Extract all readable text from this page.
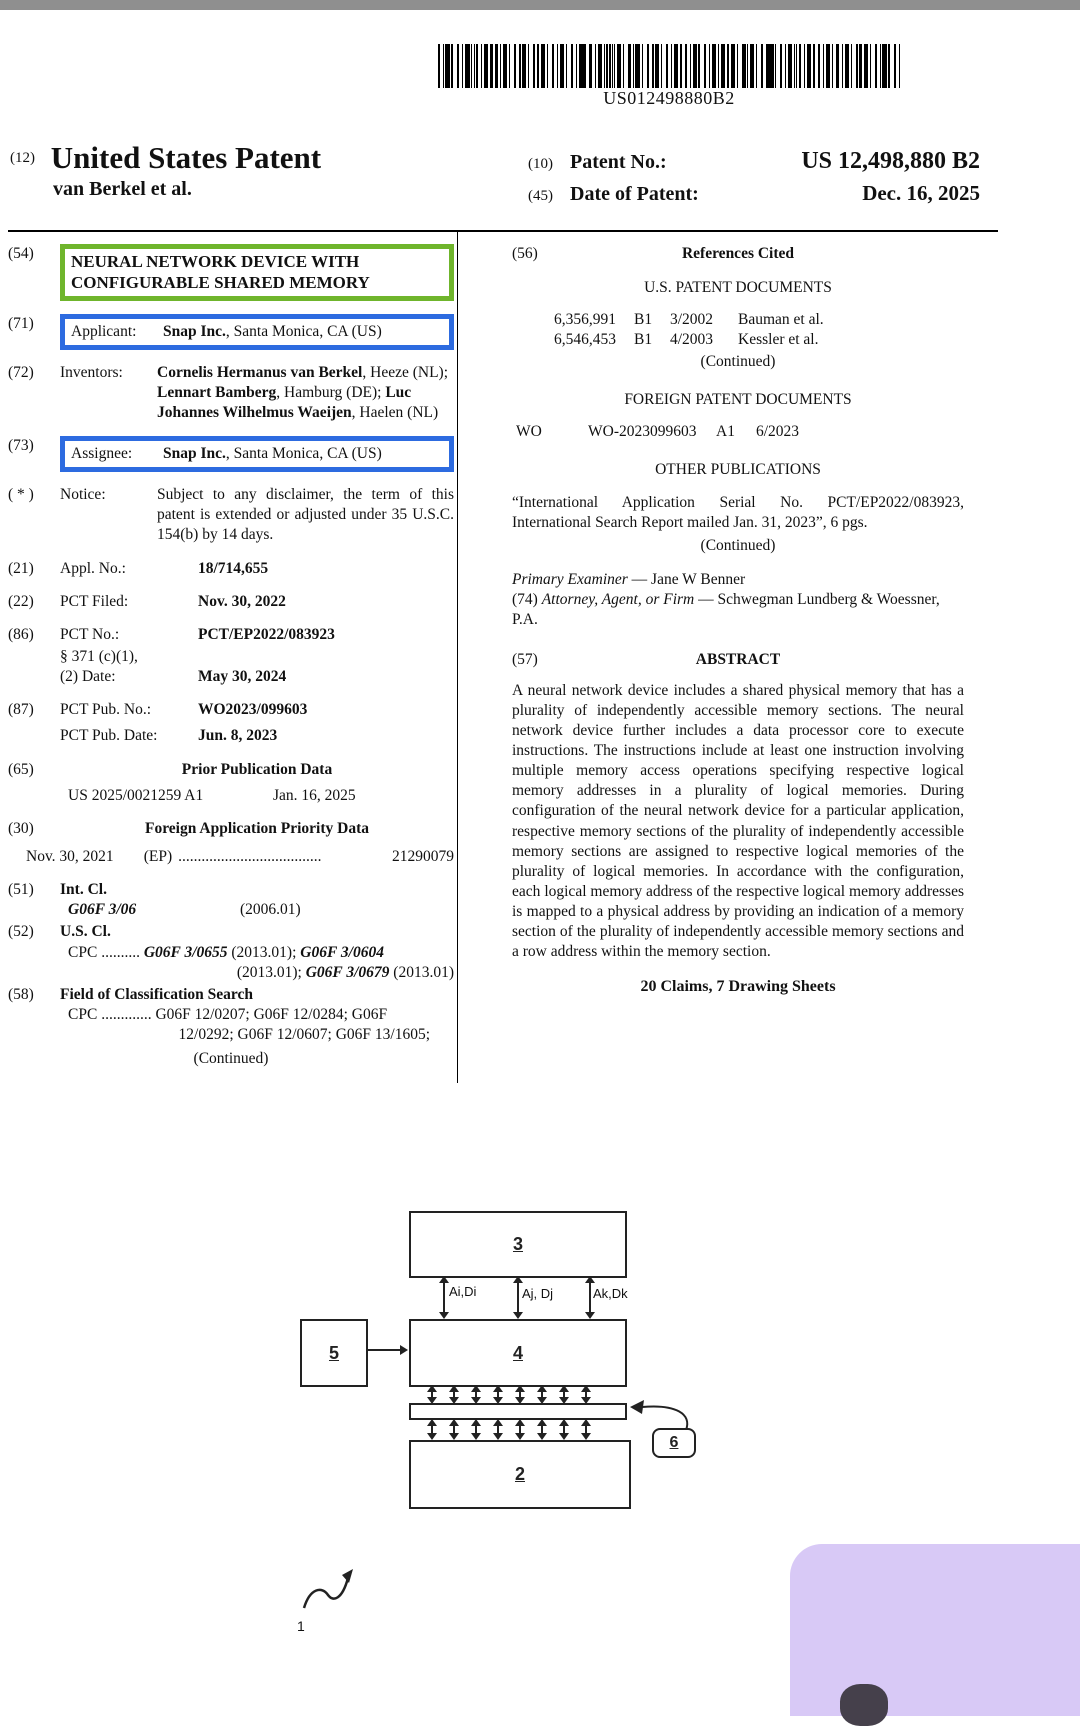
US012498880B2
(12) United States Patent
van Berkel et al.
(10) Patent No.:	US 12,498,880 B2
(45) Date of Patent:	Dec. 16, 2025
(54)	NEURAL NETWORK DEVICE WITH CONFIGURABLE SHARED MEMORY
(71)	Applicant:	Snap Inc., Santa Monica, CA (US)
(72)	Inventors:	Cornelis Hermanus van Berkel, Heeze (NL); Lennart Bamberg, Hamburg (DE); Luc Johannes Wilhelmus Waeijen, Haelen (NL)
(73)	Assignee:	Snap Inc., Santa Monica, CA (US)
( * )	Notice:	Subject to any disclaimer, the term of this patent is extended or adjusted under 35 U.S.C. 154(b) by 14 days.
(21)	Appl. No.:	18/714,655
(22)	PCT Filed:	Nov. 30, 2022
(86)	PCT No.:	PCT/EP2022/083923
§ 371 (c)(1),
(2) Date:	May 30, 2024
(87)	PCT Pub. No.:	WO2023/099603
PCT Pub. Date:	Jun. 8, 2023
(65)	Prior Publication Data
US 2025/0021259 A1	Jan. 16, 2025
(30)	Foreign Application Priority Data
Nov. 30, 2021 (EP) .....................................	21290079
(51)	Int. Cl.
G06F 3/06	(2006.01)
(52)	U.S. Cl.
CPC .......... G06F 3/0655 (2013.01); G06F 3/0604
(2013.01); G06F 3/0679 (2013.01)
(58)	Field of Classification Search
CPC ............. G06F 12/0207; G06F 12/0284; G06F
12/0292; G06F 12/0607; G06F 13/1605;
(Continued)
(56)	References Cited
U.S. PATENT DOCUMENTS
6,356,991	B1	3/2002	Bauman et al.
6,546,453	B1	4/2003	Kessler et al.
(Continued)
FOREIGN PATENT DOCUMENTS
WO	WO-2023099603	A1	6/2023
OTHER PUBLICATIONS
“International Application Serial No. PCT/EP2022/083923, International Search Report mailed Jan. 31, 2023”, 6 pgs.
(Continued)
Primary Examiner — Jane W Benner
(74) Attorney, Agent, or Firm — Schwegman Lundberg & Woessner, P.A.
(57)	ABSTRACT
A neural network device includes a shared physical memory that has a plurality of independently accessible memory sections. The neural network device further includes a data processor core to execute instructions. The instructions include at least one instruction involving multiple memory access operations specifying respective logical memory addresses in a plurality of logical memories. During configuration of the neural network device for a particular application, respective memory sections of the plurality of independently accessible memory sections are assigned to respective logical memories of the plurality of logical memories. In accordance with the configuration, each logical memory address of the respective logical memory addresses is mapped to a physical address by providing an indication of a memory section of the plurality of independently accessible memory sections and a row address within the memory section.
20 Claims, 7 Drawing Sheets
3
Ai,Di	Aj, Dj	Ak,Dk
5	4
2
6
1
